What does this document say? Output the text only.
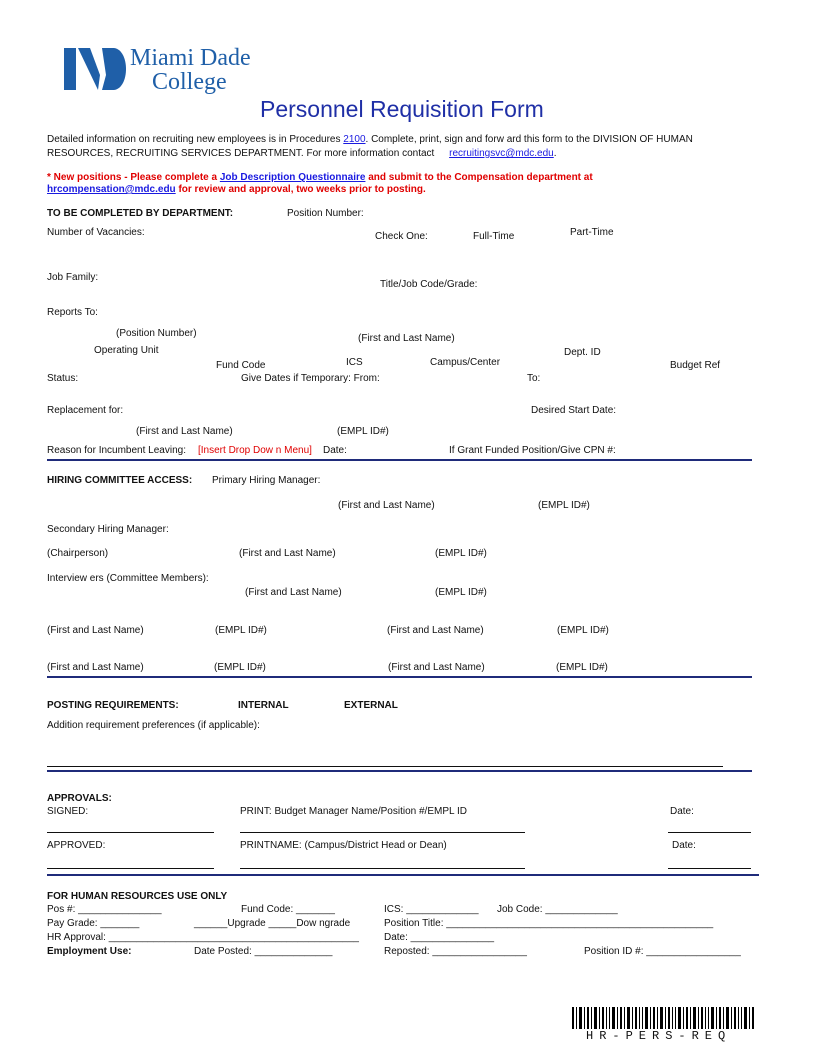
Miami Dade
College
Personnel Requisition Form
Detailed information on recruiting new employees is in Procedures 2100. Complete, print, sign and forw ard this form to the DIVISION OF HUMAN
RESOURCES, RECRUITING SERVICES DEPARTMENT. For more information contact recruitingsvc@mdc.edu.
* New positions - Please complete a Job Description Questionnaire and submit to the Compensation department at
hrcompensation@mdc.edu for review and approval, two weeks prior to posting.
TO BE COMPLETED BY DEPARTMENT:	Position Number:
Number of Vacancies:	Check One:	Full-Time	Part-Time
Job Family:
Title/Job Code/Grade:
Reports To:
(Position Number)	(First and Last Name)
Operating Unit
Fund Code	ICS	Campus/Center
Dept. ID
Budget Ref
Status:	Give Dates if Temporary: From:	To:
Replacement for:	Desired Start Date:
(First and Last Name)	(EMPL ID#)
Reason for Incumbent Leaving: [Insert Drop Dow n Menu] Date:	If Grant Funded Position/Give CPN #:
HIRING COMMITTEE ACCESS: Primary Hiring Manager:
(First and Last Name)	(EMPL ID#)
Secondary Hiring Manager:
(Chairperson)	(First and Last Name)	(EMPL ID#)
Interview ers (Committee Members):
(First and Last Name)	(EMPL ID#)
(First and Last Name)	(EMPL ID#)	(First and Last Name)	(EMPL ID#)
(First and Last Name)	(EMPL ID#)	(First and Last Name)	(EMPL ID#)
POSTING REQUIREMENTS:	INTERNAL	EXTERNAL
Addition requirement preferences (if applicable):
APPROVALS:
SIGNED:	PRINT: Budget Manager Name/Position #/EMPL ID	Date:
APPROVED:	PRINTNAME: (Campus/District Head or Dean)	Date:
FOR HUMAN RESOURCES USE ONLY
Pos #: _______________	Fund Code: _______	ICS: _____________ Job Code: _____________
Pay Grade: _______	______Upgrade _____Dow ngrade	Position Title: ________________________________________________
HR Approval: _____________________________________________	Date: _______________
Employment Use:	Date Posted: ______________	Reposted: _________________	Position ID #: _________________
HR-PERS-REQ
